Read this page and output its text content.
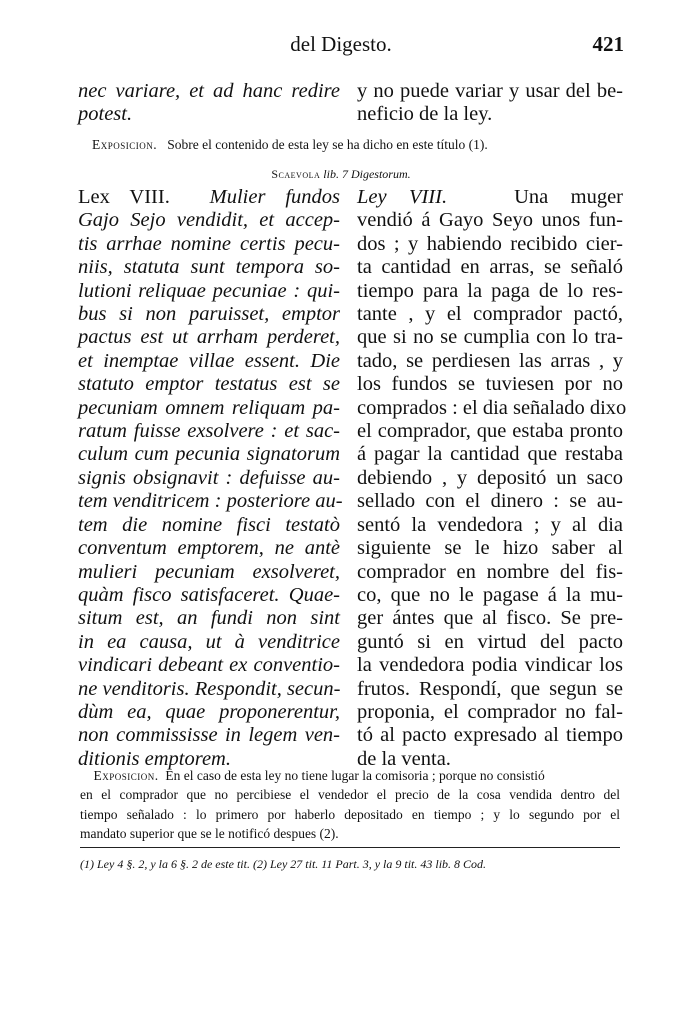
del Digesto.	421
nec variare, et ad hanc redire
potest.
y no puede variar y usar del be-
neficio de la ley.
Exposicion. Sobre el contenido de esta ley se ha dicho en este título (1).
Scaevola lib. 7 Digestorum.
Lex VIII. Mulier fundos
Gajo Sejo vendidit, et accep-
tis arrhae nomine certis pecu-
niis, statuta sunt tempora so-
lutioni reliquae pecuniae : qui-
bus si non paruisset, emptor
pactus est ut arrham perderet,
et inemptae villae essent. Die
statuto emptor testatus est se
pecuniam omnem reliquam pa-
ratum fuisse exsolvere : et sac-
culum cum pecunia signatorum
signis obsignavit : defuisse au-
tem venditricem : posteriore au-
tem die nomine fisci testatò
conventum emptorem, ne antè
mulieri pecuniam exsolveret,
quàm fisco satisfaceret. Quae-
situm est, an fundi non sint
in ea causa, ut à venditrice
vindicari debeant ex conventio-
ne venditoris. Respondit, secun-
dùm ea, quae proponerentur,
non commississe in legem ven-
ditionis emptorem.
Ley VIII.	Una muger
vendió á Gayo Seyo unos fun-
dos ; y habiendo recibido cier-
ta cantidad en arras, se señaló
tiempo para la paga de lo res-
tante , y el comprador pactó,
que si no se cumplia con lo tra-
tado, se perdiesen las arras , y
los fundos se tuviesen por no
comprados : el dia señalado dixo
el comprador, que estaba pronto
á pagar la cantidad que restaba
debiendo , y depositó un saco
sellado con el dinero : se au-
sentó la vendedora ; y al dia
siguiente se le hizo saber al
comprador en nombre del fis-
co, que no le pagase á la mu-
ger ántes que al fisco. Se pre-
guntó si en virtud del pacto
la vendedora podia vindicar los
frutos. Respondí, que segun se
proponia, el comprador no fal-
tó al pacto expresado al tiempo
de la venta.
Exposicion. En el caso de esta ley no tiene lugar la comisoria ; porque no consistió
en el comprador que no percibiese el vendedor el precio de la cosa vendida dentro del
tiempo señalado : lo primero por haberlo depositado en tiempo ; y lo segundo por el
mandato superior que se le notificó despues (2).
(1) Ley 4 §. 2, y la 6 §. 2 de este tit. (2) Ley 27 tit. 11 Part. 3, y la 9 tit. 43 lib. 8 Cod.
